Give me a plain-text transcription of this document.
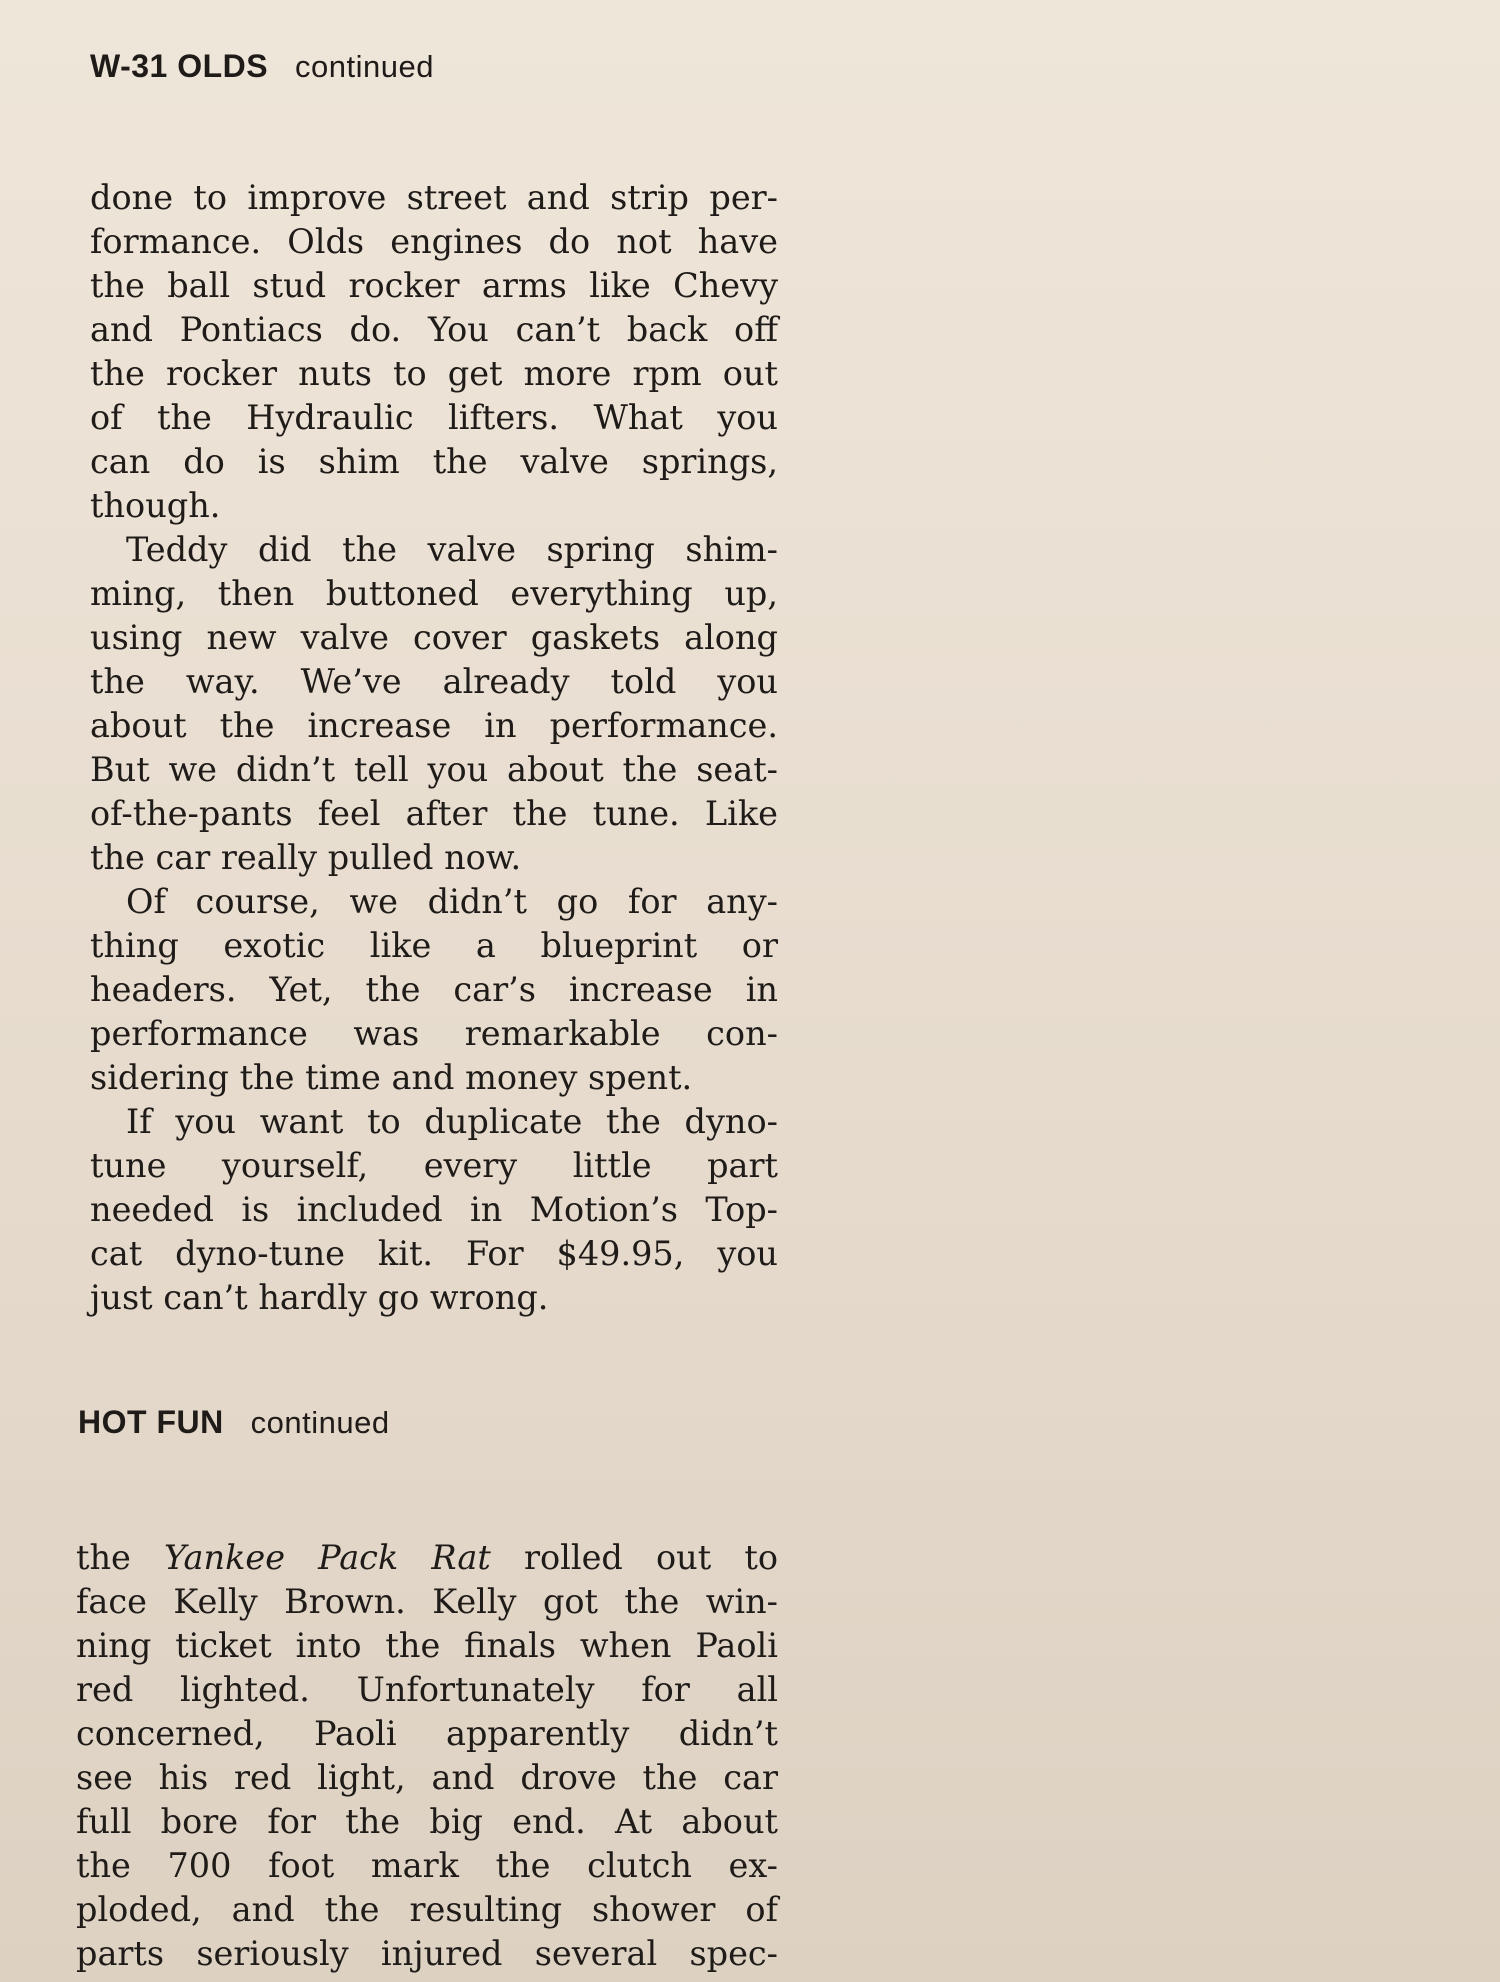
W-31 OLDS continued
done to improve street and strip per-
formance. Olds engines do not have
the ball stud rocker arms like Chevy
and Pontiacs do. You can’t back off
the rocker nuts to get more rpm out
of the Hydraulic lifters. What you
can do is shim the valve springs,
though.
Teddy did the valve spring shim-
ming, then buttoned everything up,
using new valve cover gaskets along
the way. We’ve already told you
about the increase in performance.
But we didn’t tell you about the seat-
of-the-pants feel after the tune. Like
the car really pulled now.
Of course, we didn’t go for any-
thing exotic like a blueprint or
headers. Yet, the car’s increase in
performance was remarkable con-
sidering the time and money spent.
If you want to duplicate the dyno-
tune yourself, every little part
needed is included in Motion’s Top-
cat dyno-tune kit. For $49.95, you
just can’t hardly go wrong.
HOT FUN continued
the Yankee Pack Rat rolled out to
face Kelly Brown. Kelly got the win-
ning ticket into the finals when Paoli
red lighted. Unfortunately for all
concerned, Paoli apparently didn’t
see his red light, and drove the car
full bore for the big end. At about
the 700 foot mark the clutch ex-
ploded, and the resulting shower of
parts seriously injured several spec-
